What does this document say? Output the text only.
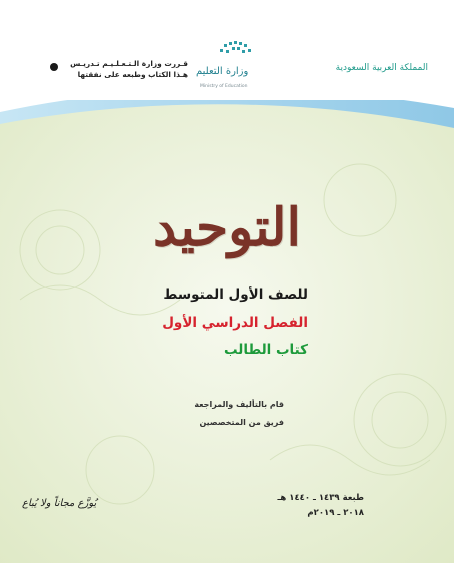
المملكة العربية السعودية
وزارة التعليم
Ministry of Education
قـررت وزارة الـتـعـلـيـم تـدريـس
هـذا الكتاب وطبعه على نفقتها
التوحيد
للصف الأول المتوسط
الفصل الدراسي الأول
كتاب الطالب
قام بالتأليف والمراجعة
فريق من المتخصصين
طبعة ١٤٣٩ ـ ١٤٤٠ هـ
٢٠١٨ ـ ٢٠١٩م
يُوزَّع مجاناً ولا يُباع
